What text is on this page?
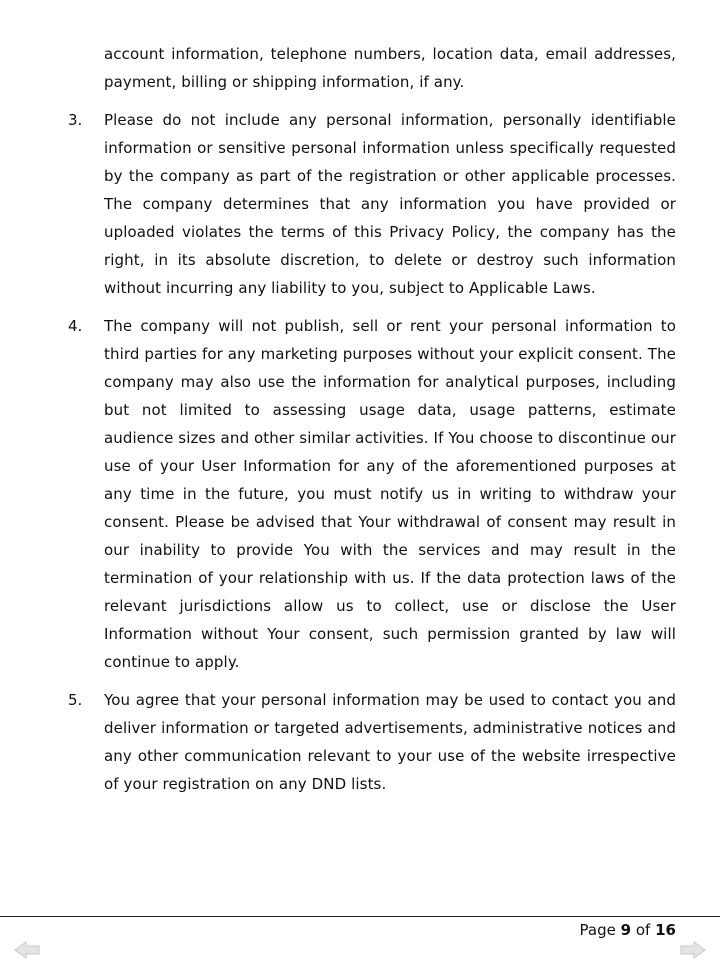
account information, telephone numbers, location data, email addresses, payment, billing or shipping information, if any.

3.	Please do not include any personal information, personally identifiable information or sensitive personal information unless specifically requested by the company as part of the registration or other applicable processes. The company determines that any information you have provided or uploaded violates the terms of this Privacy Policy, the company has the right, in its absolute discretion, to delete or destroy such information without incurring any liability to you, subject to Applicable Laws.

4.	The company will not publish, sell or rent your personal information to third parties for any marketing purposes without your explicit consent. The company may also use the information for analytical purposes, including but not limited to assessing usage data, usage patterns, estimate audience sizes and other similar activities. If You choose to discontinue our use of your User Information for any of the aforementioned purposes at any time in the future, you must notify us in writing to withdraw your consent. Please be advised that Your withdrawal of consent may result in our inability to provide You with the services and may result in the termination of your relationship with us. If the data protection laws of the relevant jurisdictions allow us to collect, use or disclose the User Information without Your consent, such permission granted by law will continue to apply.

5.	You agree that your personal information may be used to contact you and deliver information or targeted advertisements, administrative notices and any other communication relevant to your use of the website irrespective of your registration on any DND lists.

Page 9 of 16
